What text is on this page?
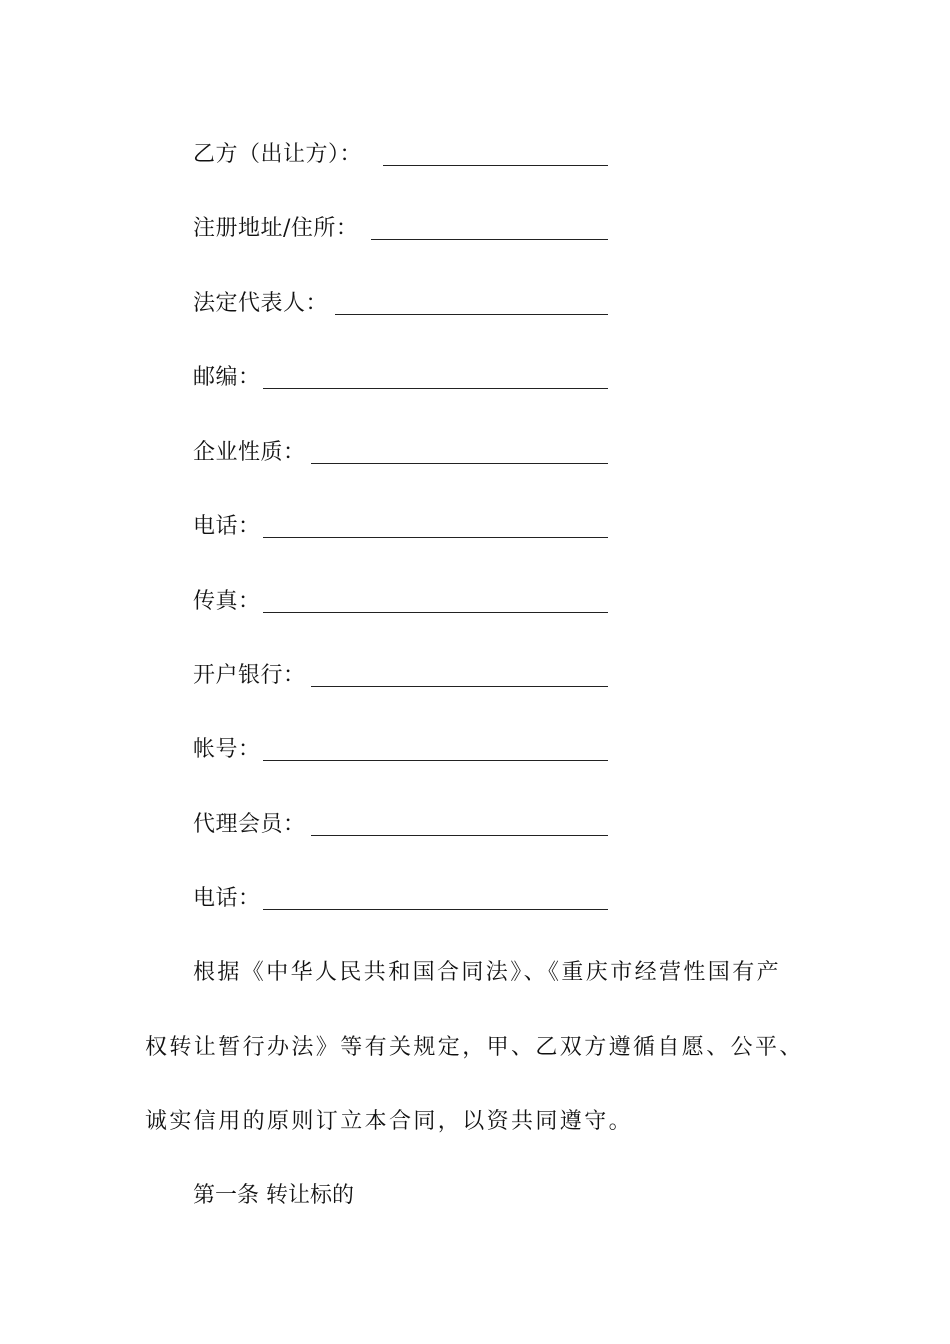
乙方（出让方）：
注册地址/住所：
法定代表人：
邮编：
企业性质：
电话：
传真：
开户银行：
帐号：
代理会员：
电话：
根据《中华人民共和国合同法》、《重庆市经营性国有产
权转让暂行办法》等有关规定，甲、乙双方遵循自愿、公平、
诚实信用的原则订立本合同，以资共同遵守。
第一条 转让标的
